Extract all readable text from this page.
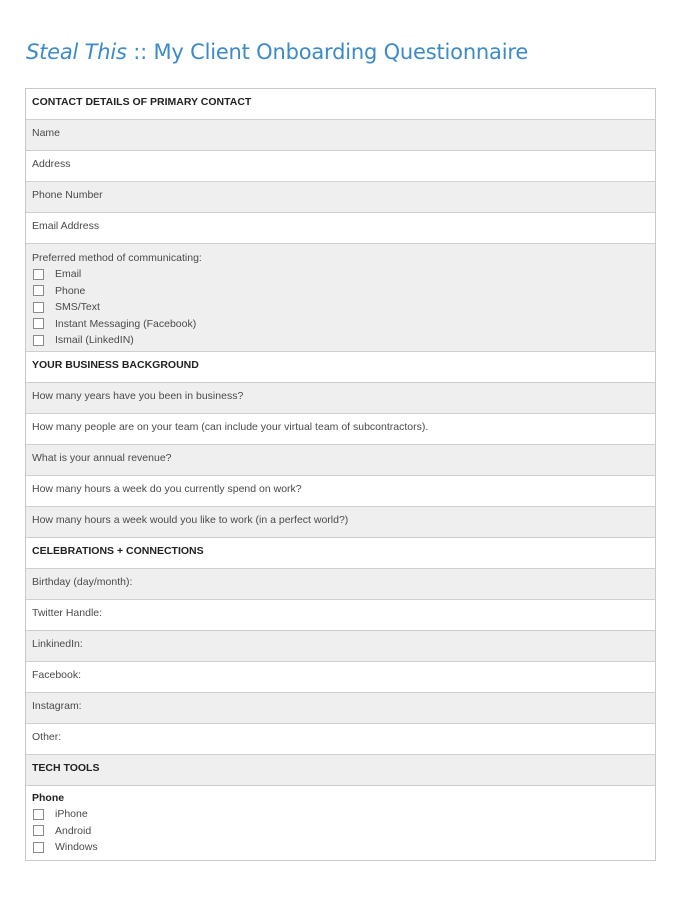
Steal This :: My Client Onboarding Questionnaire
CONTACT DETAILS OF PRIMARY CONTACT
Name
Address
Phone Number
Email Address
Preferred method of communicating:
Email
Phone
SMS/Text
Instant Messaging (Facebook)
Ismail (LinkedIN)
YOUR BUSINESS BACKGROUND
How many years have you been in business?
How many people are on your team (can include your virtual team of subcontractors).
What is your annual revenue?
How many hours a week do you currently spend on work?
How many hours a week would you like to work (in a perfect world?)
CELEBRATIONS + CONNECTIONS
Birthday (day/month):
Twitter Handle:
LinkinedIn:
Facebook:
Instagram:
Other:
TECH TOOLS
Phone
iPhone
Android
Windows
